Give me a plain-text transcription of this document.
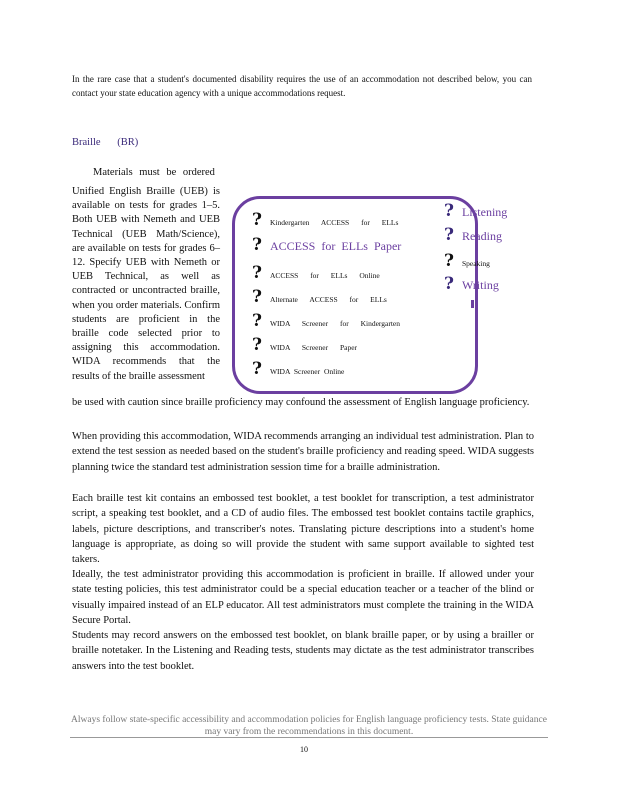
In the rare case that a student's documented disability requires the use of an accommodation not described below, you can contact your state education agency with a unique accommodations request.
Braille (BR)
Materials must be ordered
Unified English Braille (UEB) is available on tests for grades 1–5. Both UEB with Nemeth and UEB Technical (UEB Math/Science), are available on tests for grades 6–12. Specify UEB with Nemeth or UEB Technical, as well as contracted or uncontracted braille, when you order materials. Confirm students are proficient in the braille code selected prior to assigning this accommodation. WIDA recommends that the results of the braille assessment
? Kindergarten ACCESS for ELLs
? ACCESS for ELLs Paper
? ACCESS for ELLs Online
? Alternate ACCESS for ELLs
? WIDA Screener for Kindergarten
? WIDA Screener Paper
? WIDA Screener Online
? Listening
? Reading
? Speaking
? Writing
be used with caution since braille proficiency may confound the assessment of English language proficiency.
When providing this accommodation, WIDA recommends arranging an individual test administration. Plan to extend the test session as needed based on the student's braille proficiency and reading speed. WIDA suggests planning twice the standard test administration session time for a braille administration.
Each braille test kit contains an embossed test booklet, a test booklet for transcription, a test administrator script, a speaking test booklet, and a CD of audio files. The embossed test booklet contains tactile graphics, labels, picture descriptions, and transcriber's notes. Translating picture descriptions into a student's home language is appropriate, as doing so will provide the student with same support available to sighted test takers.
Ideally, the test administrator providing this accommodation is proficient in braille. If allowed under your state testing policies, this test administrator could be a special education teacher or a teacher of the blind or visually impaired instead of an ELP educator. All test administrators must complete the training in the WIDA Secure Portal.
Students may record answers on the embossed test booklet, on blank braille paper, or by using a brailler or braille notetaker. In the Listening and Reading tests, students may dictate as the test administrator transcribes answers into the test booklet.
Always follow state-specific accessibility and accommodation policies for English language proficiency tests. State guidance may vary from the recommendations in this document.
10
